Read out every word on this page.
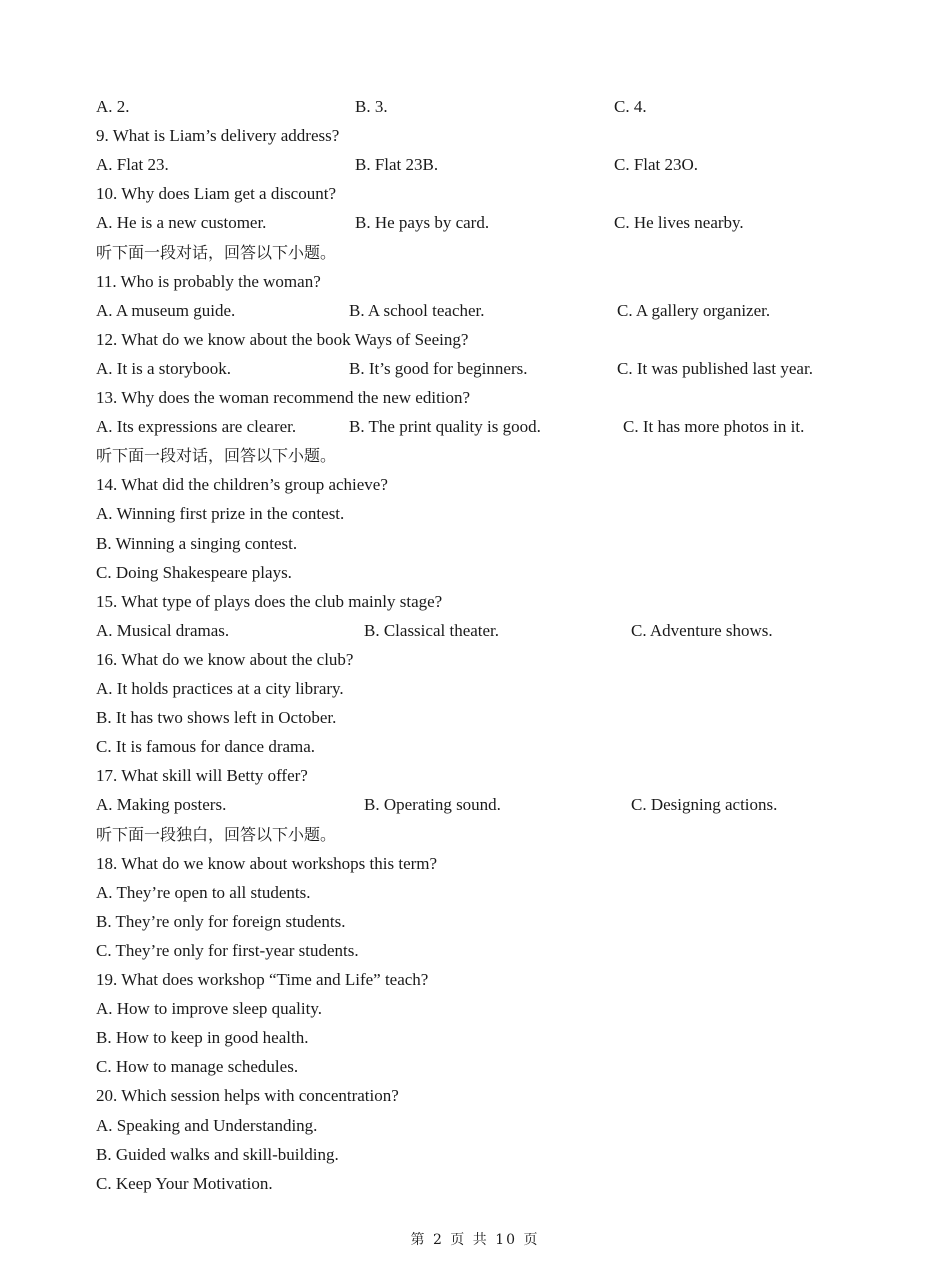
A. 2.	B. 3.	C. 4.
9. What is Liam’s delivery address?
A. Flat 23.	B. Flat 23B.	C. Flat 23O.
10. Why does Liam get a discount?
A. He is a new customer.	B. He pays by card.	C. He lives nearby.
听下面一段对话，回答以下小题。
11. Who is probably the woman?
A. A museum guide.	B. A school teacher.	C. A gallery organizer.
12. What do we know about the book Ways of Seeing?
A. It is a storybook.	B. It’s good for beginners.	C. It was published last year.
13. Why does the woman recommend the new edition?
A. Its expressions are clearer.	B. The print quality is good.	C. It has more photos in it.
听下面一段对话，回答以下小题。
14. What did the children’s group achieve?
A. Winning first prize in the contest.
B. Winning a singing contest.
C. Doing Shakespeare plays.
15. What type of plays does the club mainly stage?
A. Musical dramas.	B. Classical theater.	C. Adventure shows.
16. What do we know about the club?
A. It holds practices at a city library.
B. It has two shows left in October.
C. It is famous for dance drama.
17. What skill will Betty offer?
A. Making posters.	B. Operating sound.	C. Designing actions.
听下面一段独白，回答以下小题。
18. What do we know about workshops this term?
A. They’re open to all students.
B. They’re only for foreign students.
C. They’re only for first-year students.
19. What does workshop “Time and Life” teach?
A. How to improve sleep quality.
B. How to keep in good health.
C. How to manage schedules.
20. Which session helps with concentration?
A. Speaking and Understanding.
B. Guided walks and skill-building.
C. Keep Your Motivation.
第 2 页 共 10 页
